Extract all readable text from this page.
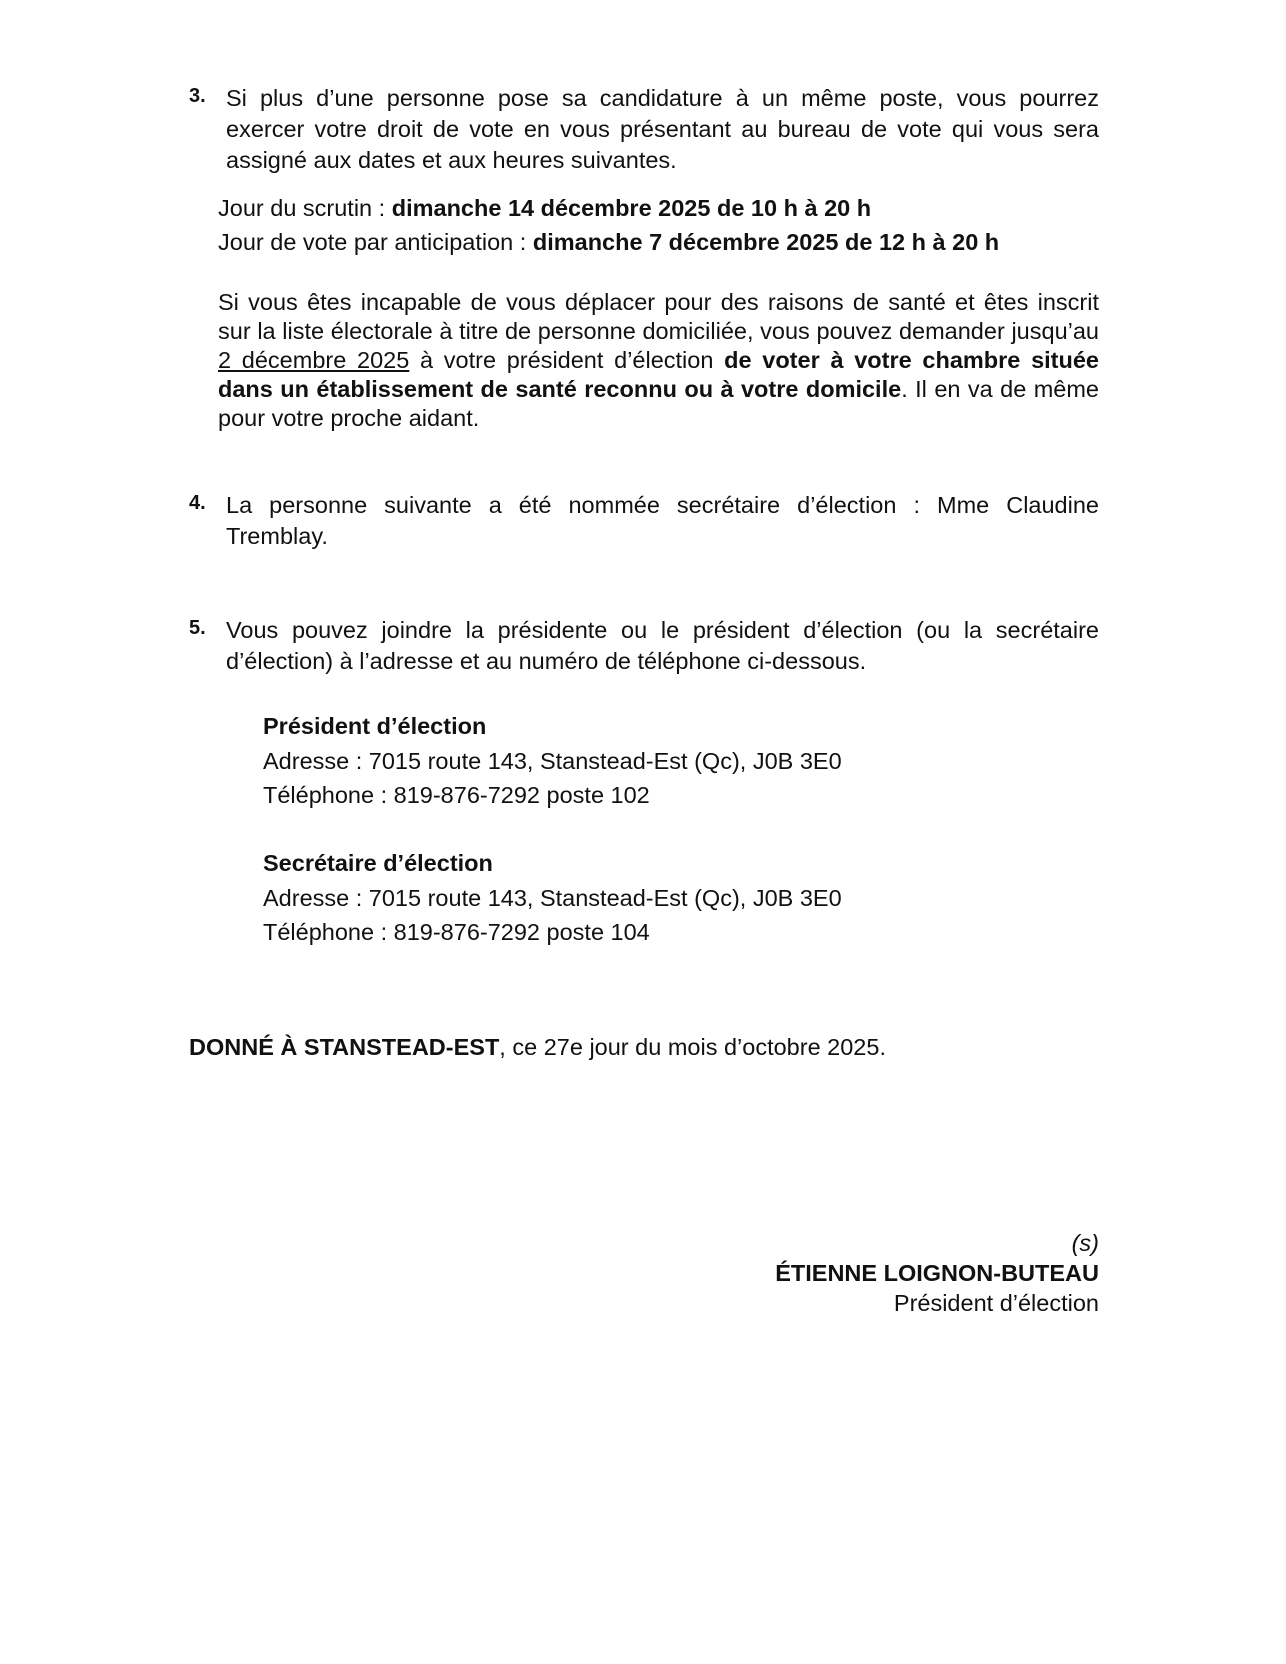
3. Si plus d’une personne pose sa candidature à un même poste, vous pourrez exercer votre droit de vote en vous présentant au bureau de vote qui vous sera assigné aux dates et aux heures suivantes.
Jour du scrutin : dimanche 14 décembre 2025 de 10 h à 20 h
Jour de vote par anticipation : dimanche 7 décembre 2025 de 12 h à 20 h
Si vous êtes incapable de vous déplacer pour des raisons de santé et êtes inscrit sur la liste électorale à titre de personne domiciliée, vous pouvez demander jusqu’au 2 décembre 2025 à votre président d’élection de voter à votre chambre située dans un établissement de santé reconnu ou à votre domicile. Il en va de même pour votre proche aidant.
4. La personne suivante a été nommée secrétaire d’élection : Mme Claudine Tremblay.
5. Vous pouvez joindre la présidente ou le président d’élection (ou la secrétaire d’élection) à l’adresse et au numéro de téléphone ci-dessous.
Président d’élection
Adresse : 7015 route 143, Stanstead-Est (Qc), J0B 3E0
Téléphone : 819-876-7292 poste 102
Secrétaire d’élection
Adresse : 7015 route 143, Stanstead-Est (Qc), J0B 3E0
Téléphone : 819-876-7292 poste 104
DONNÉ À STANSTEAD-EST, ce 27e jour du mois d’octobre 2025.
(s)
ÉTIENNE LOIGNON-BUTEAU
Président d’élection
